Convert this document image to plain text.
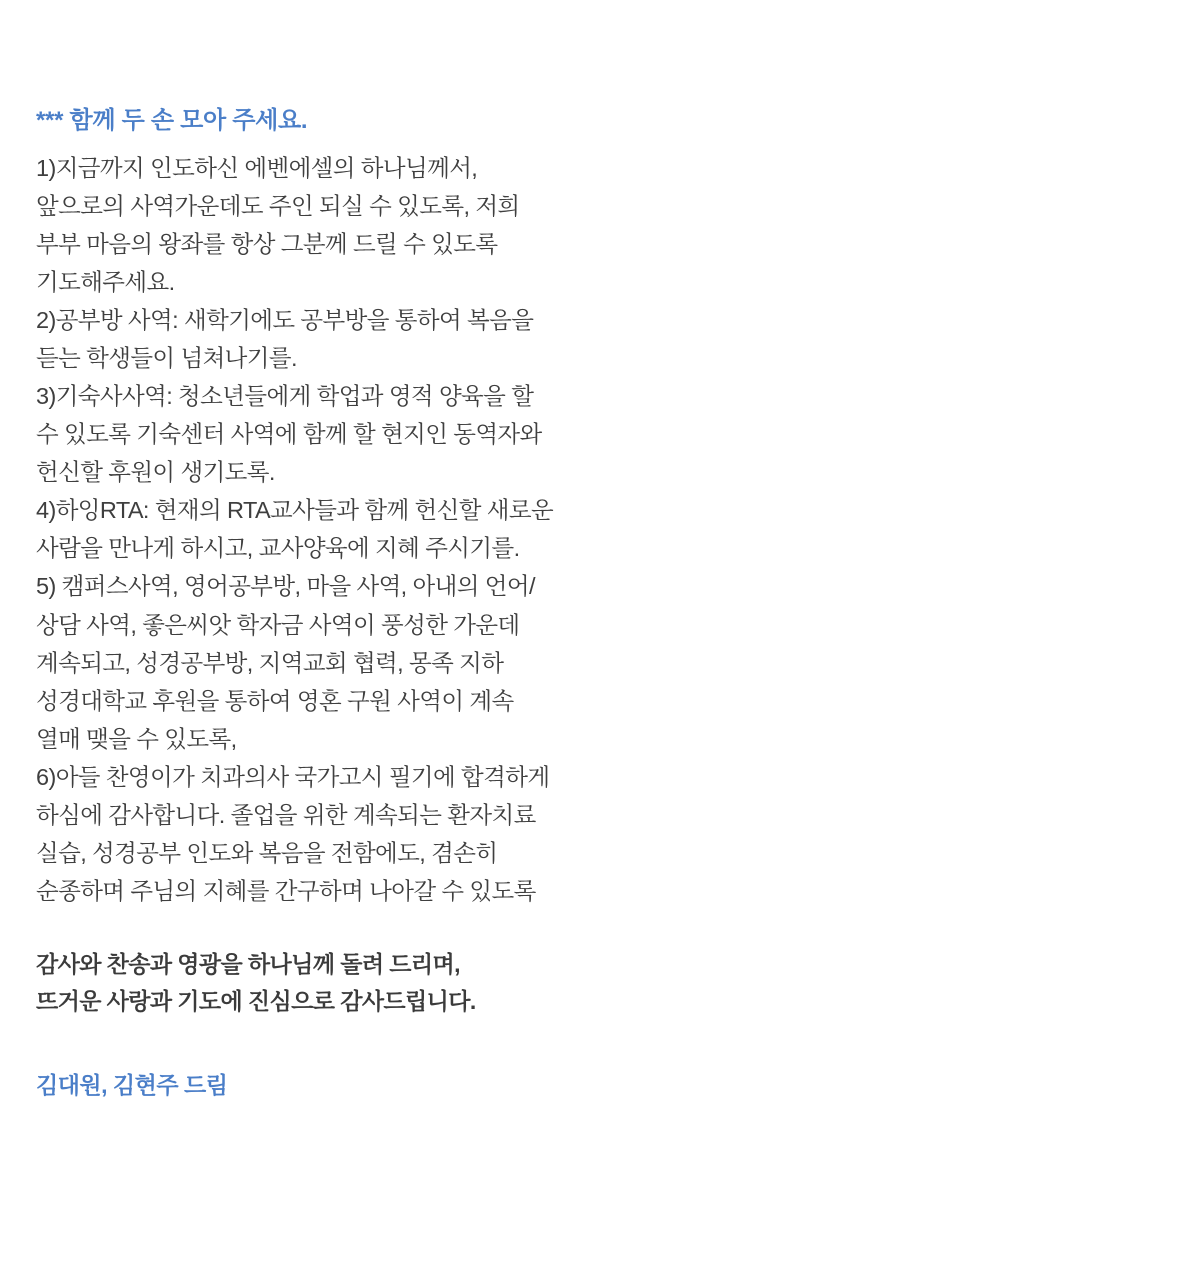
*** 함께 두 손 모아 주세요.
1)지금까지 인도하신 에벤에셀의 하나님께서, 앞으로의 사역가운데도 주인 되실 수 있도록, 저희 부부 마음의 왕좌를 항상 그분께 드릴 수 있도록 기도해주세요.
2)공부방 사역: 새학기에도 공부방을 통하여 복음을 듣는 학생들이 넘쳐나기를.
3)기숙사사역: 청소년들에게 학업과 영적 양육을 할 수 있도록 기숙센터 사역에 함께 할 현지인 동역자와 헌신할 후원이 생기도록.
4)하잉RTA: 현재의 RTA교사들과 함께 헌신할 새로운 사람을 만나게 하시고, 교사양육에 지혜 주시기를.
5) 캠퍼스사역, 영어공부방, 마을 사역, 아내의 언어/상담 사역, 좋은씨앗 학자금 사역이 풍성한 가운데 계속되고, 성경공부방, 지역교회 협력, 몽족 지하 성경대학교 후원을 통하여 영혼 구원 사역이 계속 열매 맺을 수 있도록,
6)아들 찬영이가 치과의사 국가고시 필기에 합격하게 하심에 감사합니다. 졸업을 위한 계속되는 환자치료 실습, 성경공부 인도와 복음을 전함에도, 겸손히 순종하며 주님의 지혜를 간구하며 나아갈 수 있도록
감사와 찬송과 영광을 하나님께 돌려 드리며,
뜨거운 사랑과 기도에 진심으로 감사드립니다.
김대원, 김현주 드림
